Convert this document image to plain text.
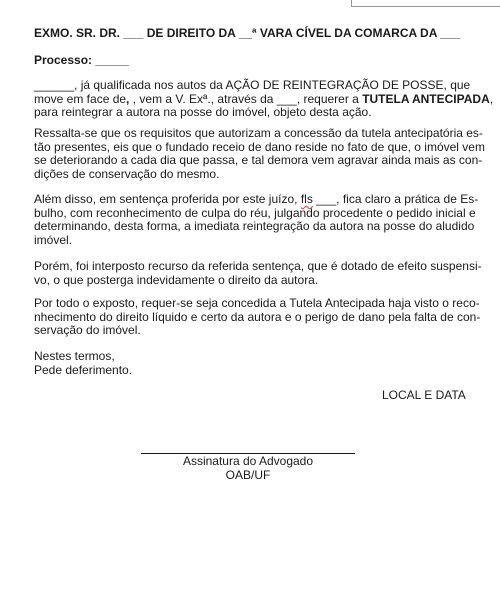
EXMO. SR. DR. ___ DE DIREITO DA __ª VARA CÍVEL DA COMARCA DA ___

Processo: _____

______, já qualificada nos autos da AÇÃO DE REINTEGRAÇÃO DE POSSE, que
move em face de, , vem a V. Exª., através da ___, requerer a TUTELA ANTECIPADA,
para reintegrar a autora na posse do imóvel, objeto desta ação.
Ressalta-se que os requisitos que autorizam a concessão da tutela antecipatória es-
tão presentes, eis que o fundado receio de dano reside no fato de que, o imóvel vem
se deteriorando a cada dia que passa, e tal demora vem agravar ainda mais as con-
dições de conservação do mesmo.
Além disso, em sentença proferida por este juízo, fls ___, fica claro a prática de Es-
bulho, com reconhecimento de culpa do réu, julgando procedente o pedido inicial e
determinando, desta forma, a imediata reintegração da autora na posse do aludido
imóvel.
Porém, foi interposto recurso da referida sentença, que é dotado de efeito suspensi-
vo, o que posterga indevidamente o direito da autora.
Por todo o exposto, requer-se seja concedida a Tutela Antecipada haja visto o reco-
nhecimento do direito líquido e certo da autora e o perigo de dano pela falta de con-
servação do imóvel.
Nestes termos,
Pede deferimento.

LOCAL E DATA

Assinatura do Advogado
OAB/UF
